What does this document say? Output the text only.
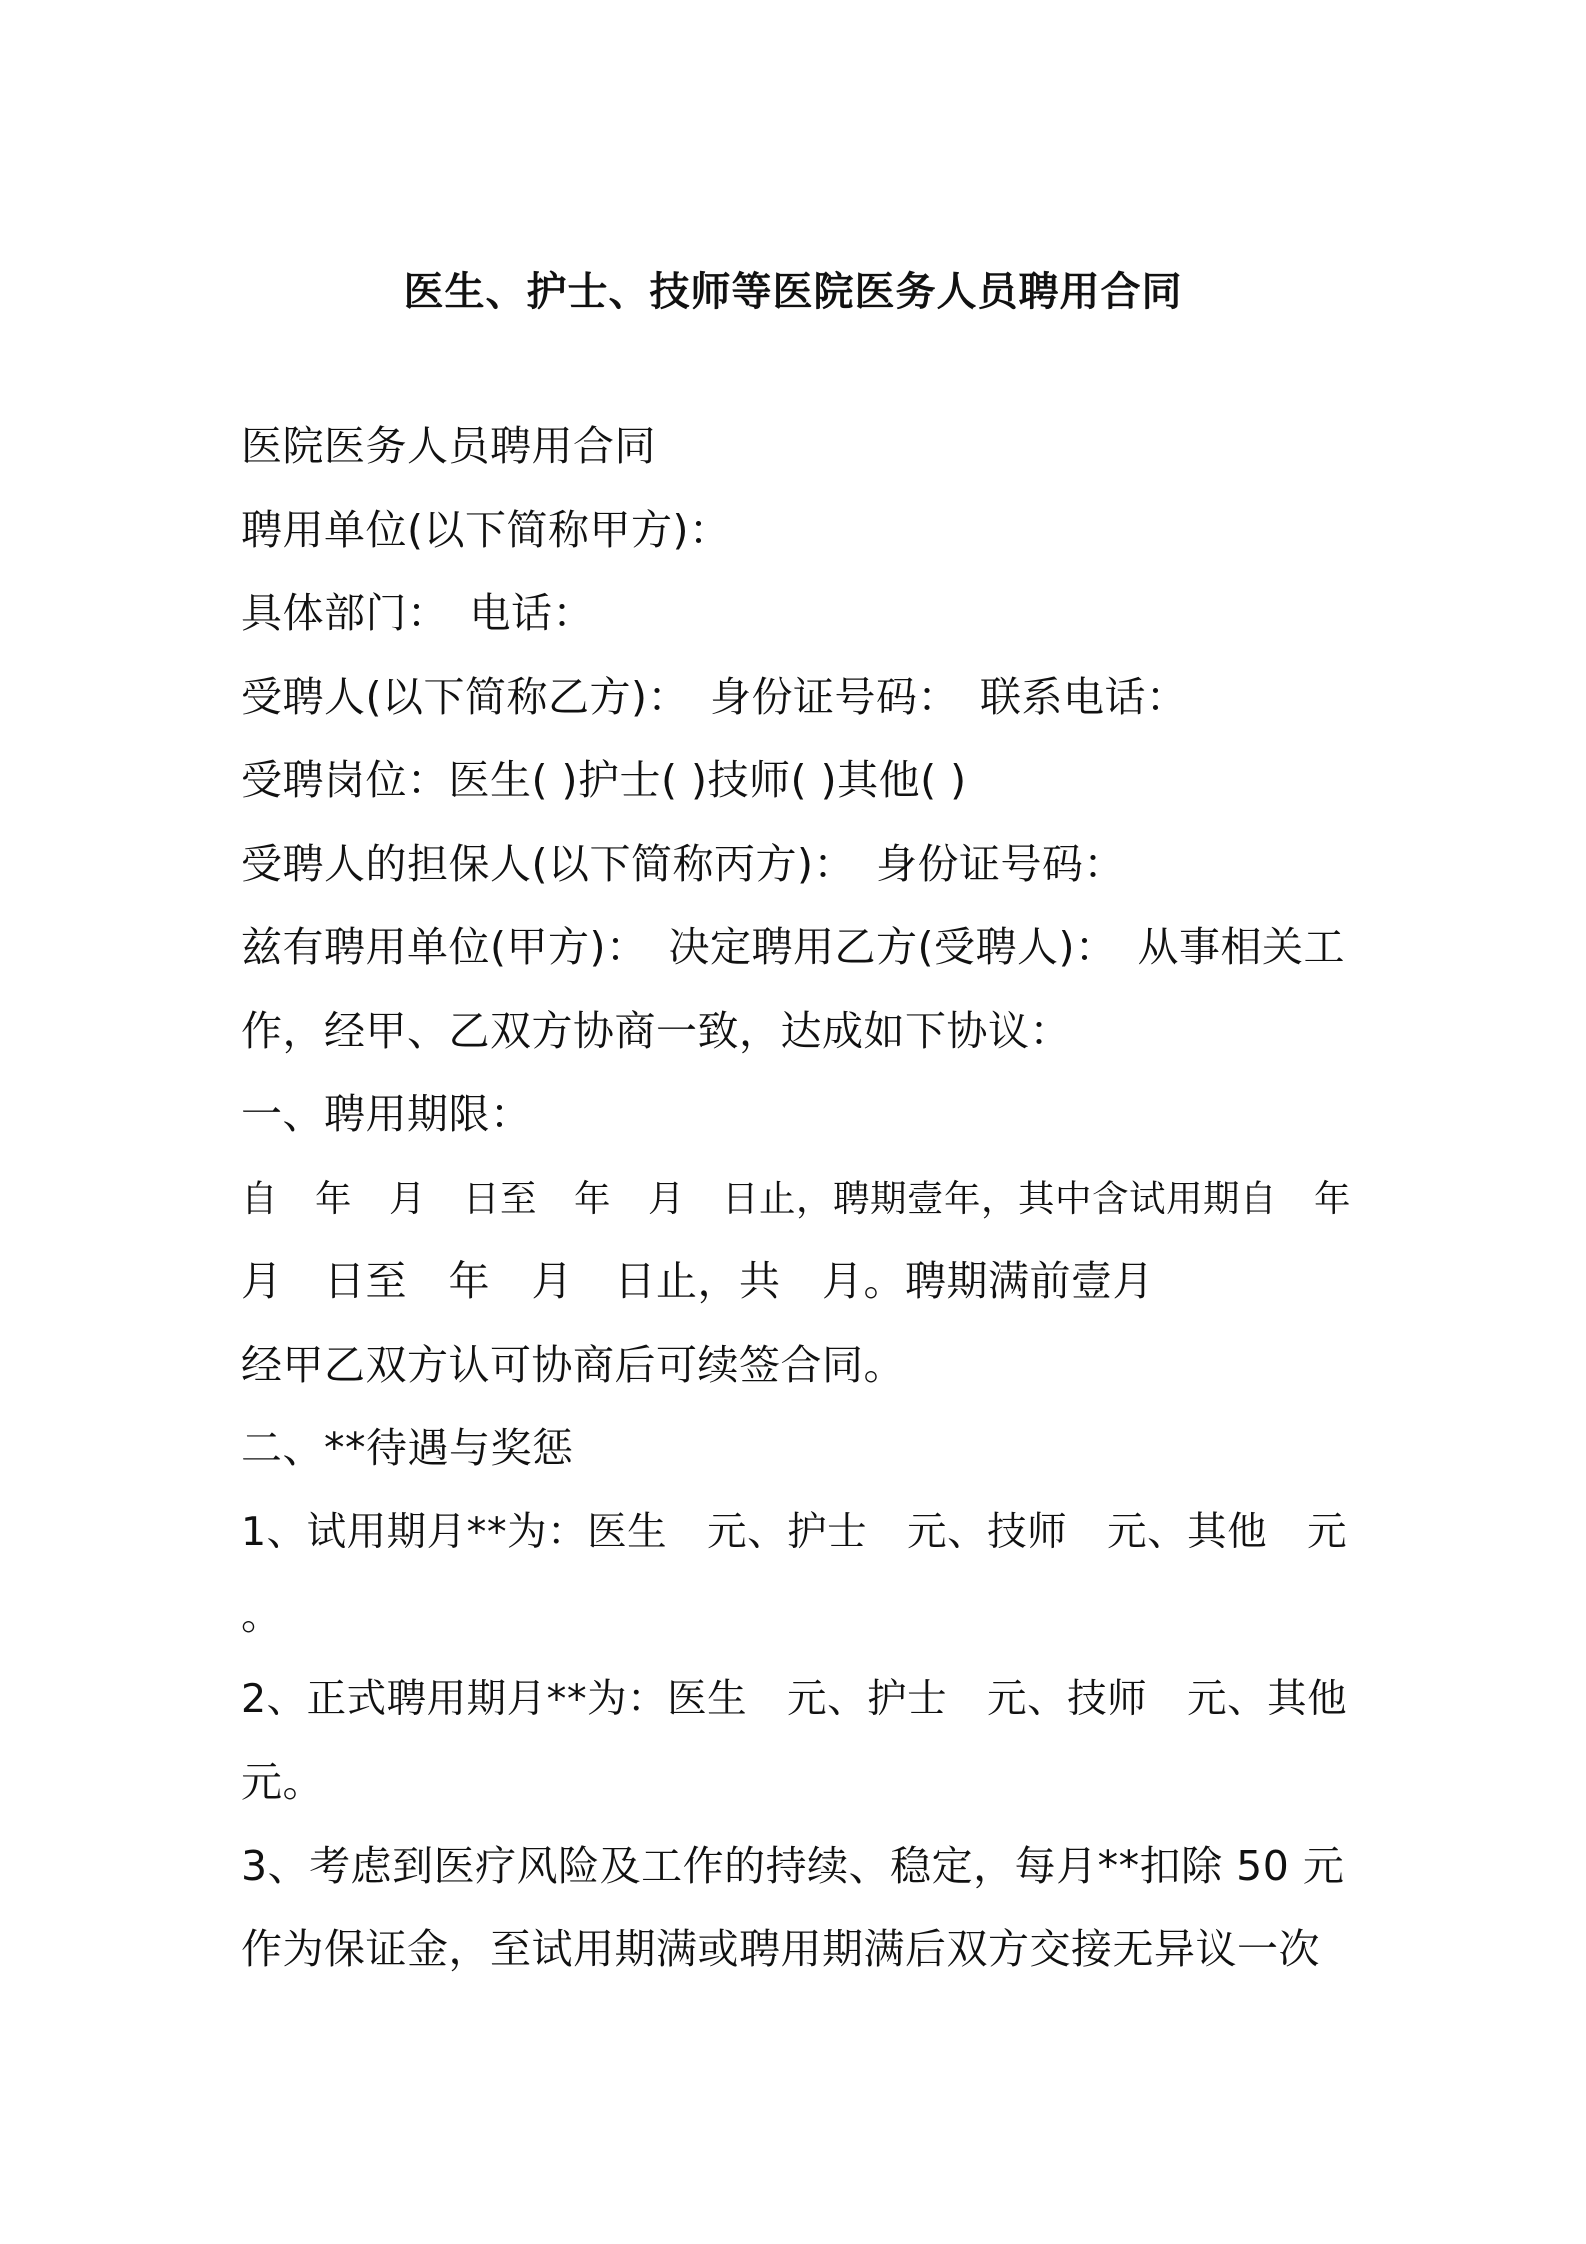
医生、护士、技师等医院医务人员聘用合同
医院医务人员聘用合同
聘用单位(以下简称甲方)：
具体部门：　电话：
受聘人(以下简称乙方)：　身份证号码：　联系电话：
受聘岗位：医生( )护士( )技师( )其他( )
受聘人的担保人(以下简称丙方)：　身份证号码：
兹有聘用单位(甲方)：　决定聘用乙方(受聘人)：　从事相关工
作，经甲、乙双方协商一致，达成如下协议：
一、聘用期限：
自　年　月　日至　年　月　日止，聘期壹年，其中含试用期自　年
月　日至　年　月　日止，共　月。聘期满前壹月
经甲乙双方认可协商后可续签合同。
二、**待遇与奖惩
1、试用期月**为：医生　元、护士　元、技师　元、其他　元
。
2、正式聘用期月**为：医生　元、护士　元、技师　元、其他
元。
3、考虑到医疗风险及工作的持续、稳定，每月**扣除 50 元
作为保证金，至试用期满或聘用期满后双方交接无异议一次
